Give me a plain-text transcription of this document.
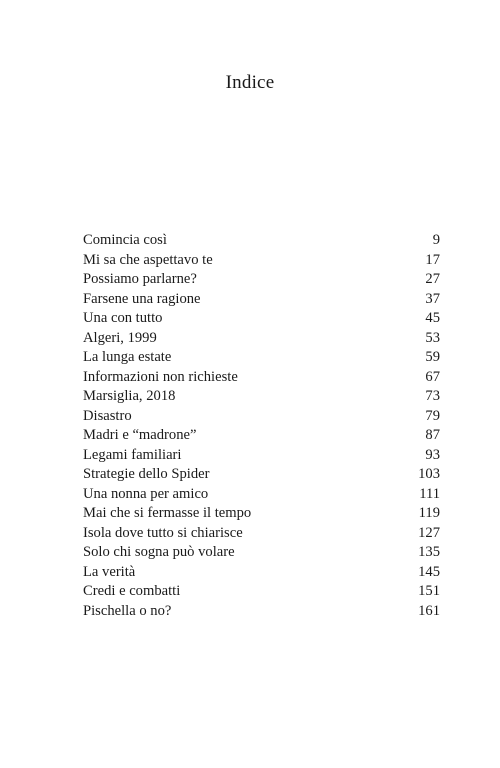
Indice
Comincia così	9
Mi sa che aspettavo te	17
Possiamo parlarne?	27
Farsene una ragione	37
Una con tutto	45
Algeri, 1999	53
La lunga estate	59
Informazioni non richieste	67
Marsiglia, 2018	73
Disastro	79
Madri e “madrone”	87
Legami familiari	93
Strategie dello Spider	103
Una nonna per amico	111
Mai che si fermasse il tempo	119
Isola dove tutto si chiarisce	127
Solo chi sogna può volare	135
La verità	145
Credi e combatti	151
Pischella o no?	161
